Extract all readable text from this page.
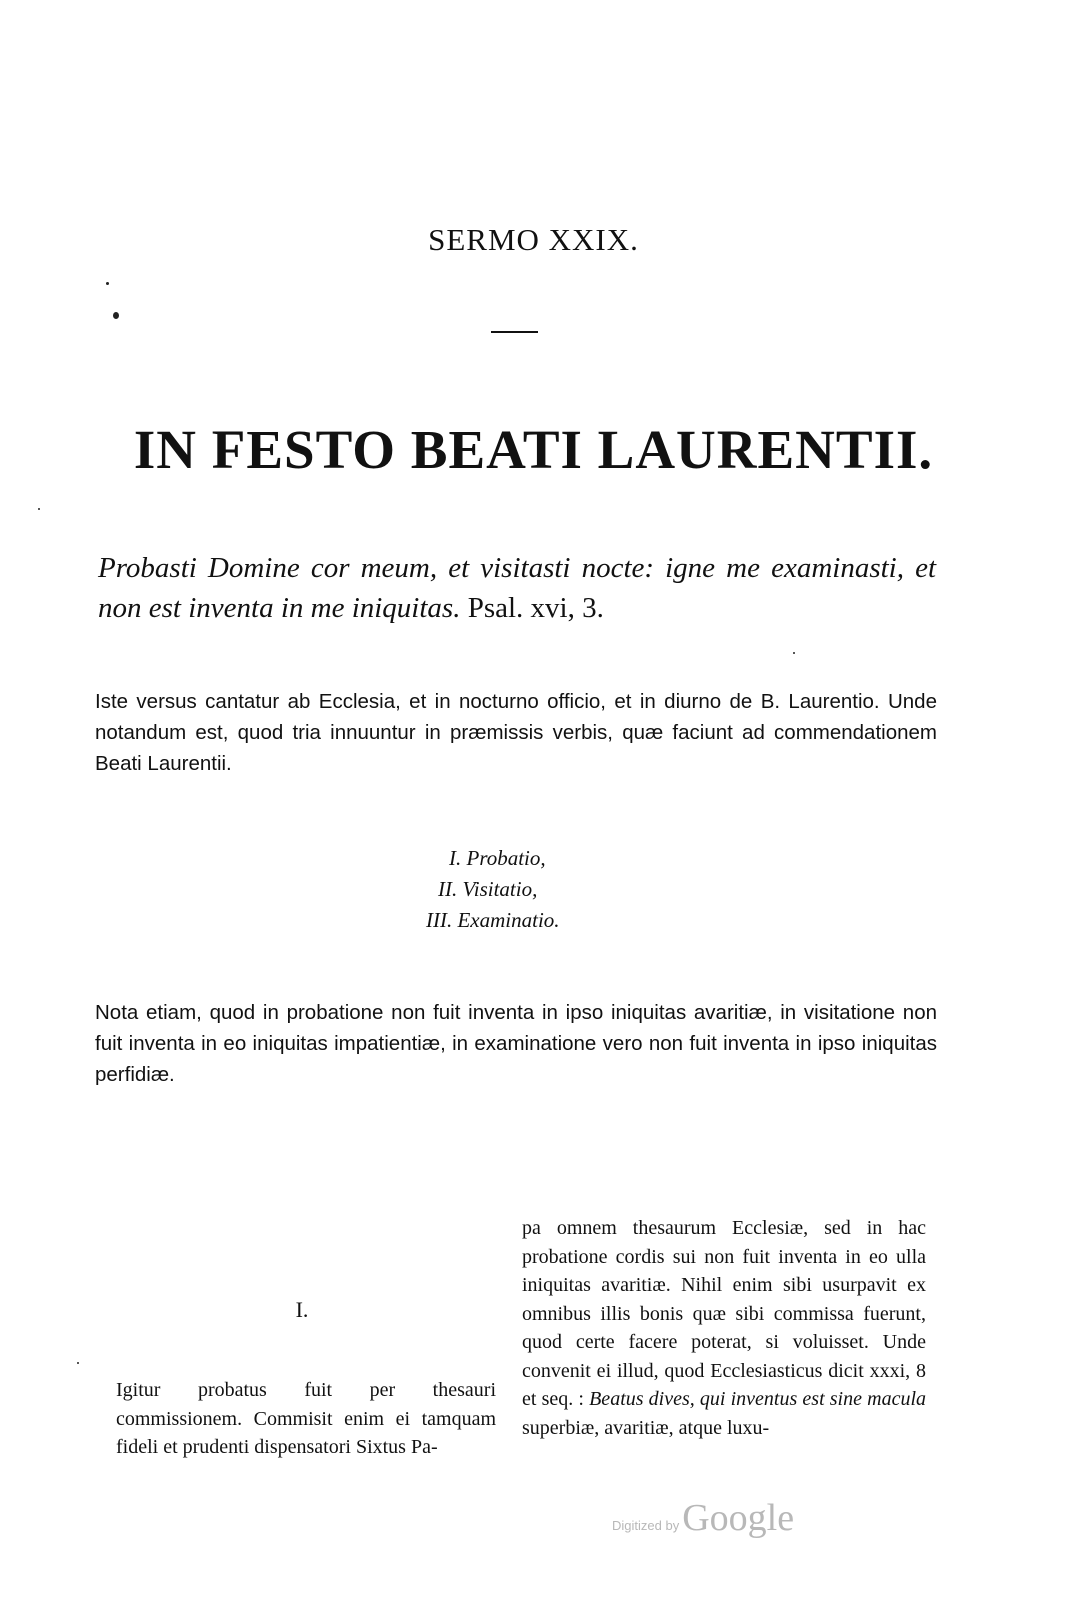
SERMO XXIX.
IN FESTO BEATI LAURENTII.
Probasti Domine cor meum, et visitasti nocte: igne me examinasti, et non est inventa in me iniquitas. Psal. xvi, 3.
Iste versus cantatur ab Ecclesia, et in nocturno officio, et in diurno de B. Laurentio. Unde notandum est, quod tria innuuntur in præmissis verbis, quæ faciunt ad commendationem Beati Laurentii.
I. Probatio,
II. Visitatio,
III. Examinatio.
Nota etiam, quod in probatione non fuit inventa in ipso iniquitas avaritiæ, in visitatione non fuit inventa in eo iniquitas impatientiæ, in examinatione vero non fuit inventa in ipso iniquitas perfidiæ.
I.
Igitur probatus fuit per thesauri commissionem. Commisit enim ei tamquam fideli et prudenti dispensatori Sixtus Pa-
pa omnem thesaurum Ecclesiæ, sed in hac probatione cordis sui non fuit inventa in eo ulla iniquitas avaritiæ. Nihil enim sibi usurpavit ex omnibus illis bonis quæ sibi commissa fuerunt, quod certe facere poterat, si voluisset. Unde convenit ei illud, quod Ecclesiasticus dicit xxxi, 8 et seq. : Beatus dives, qui inventus est sine macula superbiæ, avaritiæ, atque luxu-
Digitized byGoogle
